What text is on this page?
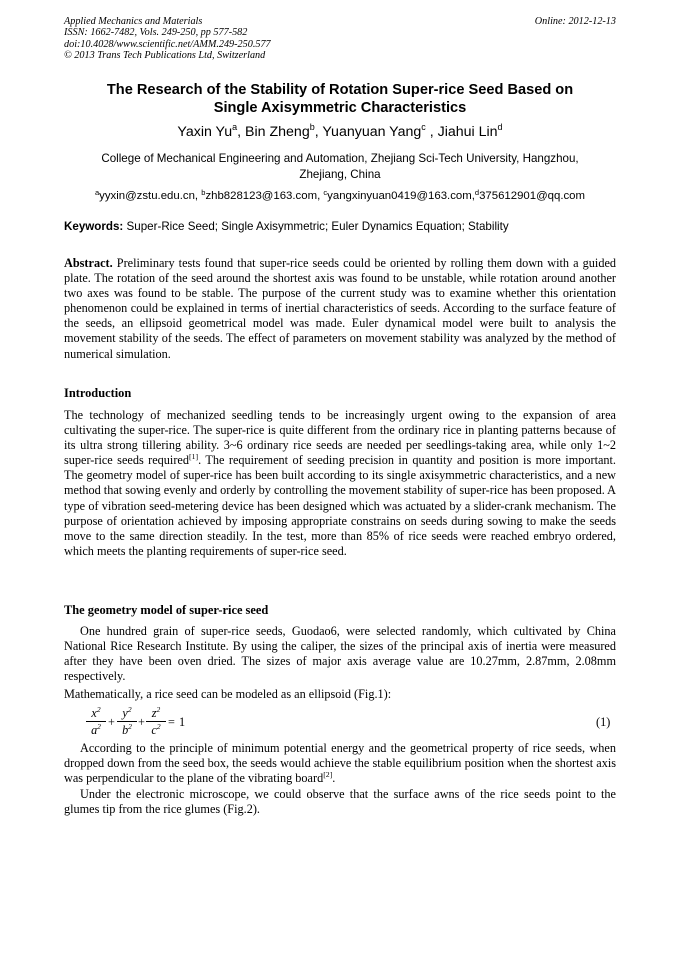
Applied Mechanics and Materials
ISSN: 1662-7482, Vols. 249-250, pp 577-582
doi:10.4028/www.scientific.net/AMM.249-250.577
© 2013 Trans Tech Publications Ltd, Switzerland
Online: 2012-12-13
The Research of the Stability of Rotation Super-rice Seed Based on
Single Axisymmetric Characteristics
Yaxin Yu$^a$, Bin Zheng$^b$, Yuanyuan Yang$^c$ , Jiahui Lin$^d$
College of Mechanical Engineering and Automation, Zhejiang Sci-Tech University, Hangzhou,
Zhejiang, China
$^a$yyxin@zstu.edu.cn, $^b$zhb828123@163.com, $^c$yangxinyuan0419@163.com,$^d$375612901@qq.com
Keywords: Super-Rice Seed; Single Axisymmetric; Euler Dynamics Equation; Stability

Abstract. Preliminary tests found that super-rice seeds could be oriented by rolling them down with a guided plate. The rotation of the seed around the shortest axis was found to be unstable, while rotation around another two axes was found to be stable. The purpose of the current study was to examine whether this orientation phenomenon could be explained in terms of inertial characteristics of seeds. According to the surface feature of the seeds, an ellipsoid geometrical model was made. Euler dynamical model were built to analysis the movement stability of the seeds. The effect of parameters on movement stability was analyzed by the method of numerical simulation.

Introduction

The technology of mechanized seedling tends to be increasingly urgent owing to the expansion of area cultivating the super-rice. The super-rice is quite different from the ordinary rice in planting patterns because of its ultra strong tillering ability. 3~6 ordinary rice seeds are needed per seedlings-taking area, while only 1~2 super-rice seeds required[1]. The requirement of seeding precision in quantity and position is more important. The geometry model of super-rice has been built according to its single axisymmetric characteristics, and a new method that sowing evenly and orderly by controlling the movement stability of super-rice has been proposed. A type of vibration seed-metering device has been designed which was actuated by a slider-crank mechanism. The purpose of orientation achieved by imposing appropriate constrains on seeds during sowing to make the seeds move to the same direction steadily. In the test, more than 85% of rice seeds were reached embryo ordered, which meets the planting requirements of super-rice seed.

The geometry model of super-rice seed

One hundred grain of super-rice seeds, Guodao6, were selected randomly, which cultivated by China National Rice Research Institute. By using the caliper, the sizes of the principal axis of inertia were measured after they have been oven dried. The sizes of major axis average value are 10.27mm, 2.87mm, 2.08mm respectively.

Mathematically, a rice seed can be modeled as an ellipsoid (Fig.1):

$\frac{x^2}{a^2} + \frac{y^2}{b^2} + \frac{z^2}{c^2} = 1$	(1)

According to the principle of minimum potential energy and the geometrical property of rice seeds, when dropped down from the seed box, the seeds would achieve the stable equilibrium position when the shortest axis was perpendicular to the plane of the vibrating board[2].

Under the electronic microscope, we could observe that the surface awns of the rice seeds point to the glumes tip from the rice glumes (Fig.2).
